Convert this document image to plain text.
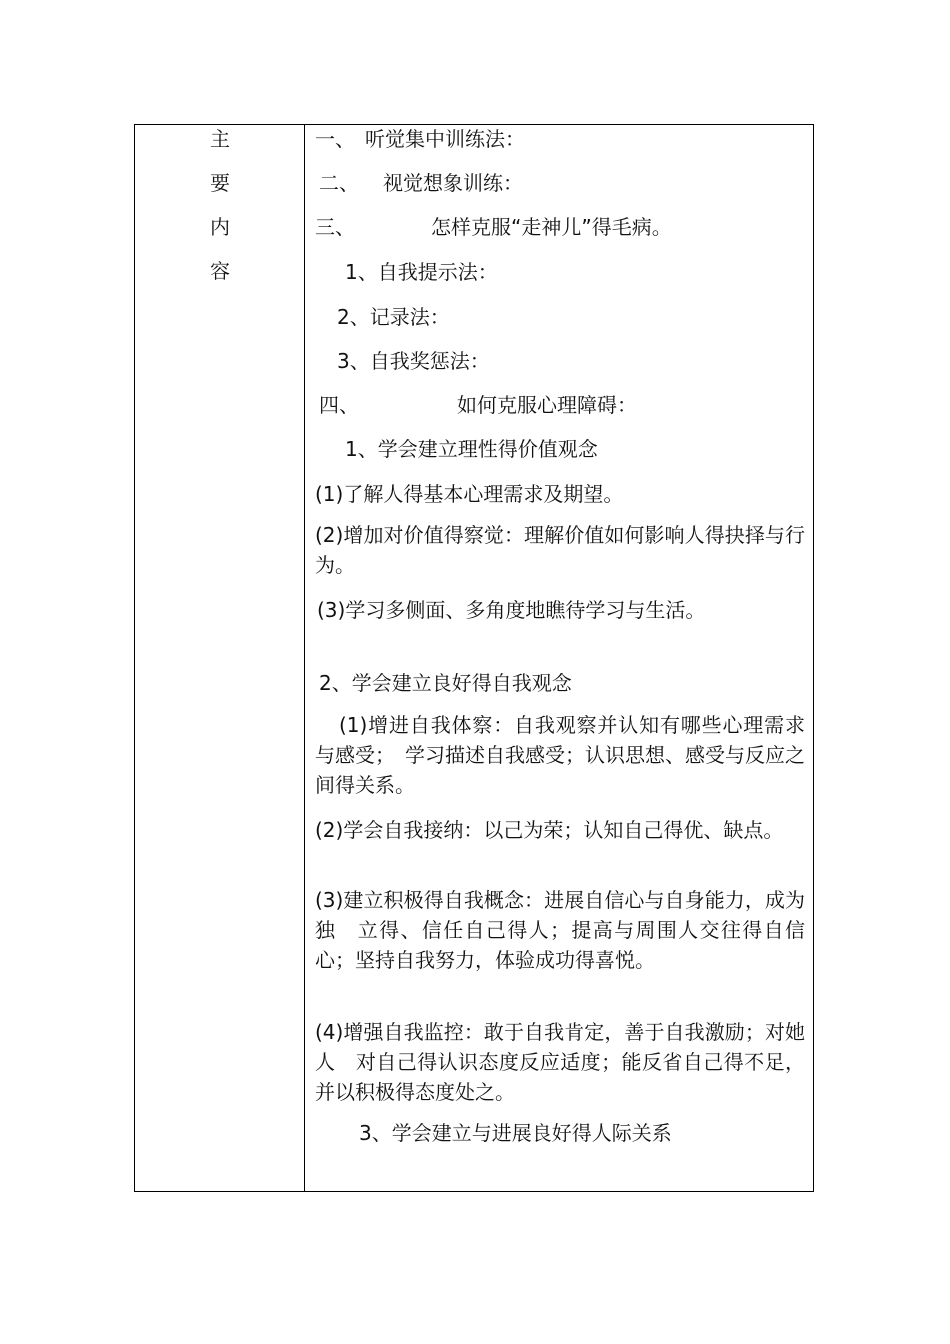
主
要
内
容
一、 听觉集中训练法：
二、 视觉想象训练：
三、	怎样克服“走神儿”得毛病。
1、自我提示法：
2、记录法：
3、自我奖惩法：
四、	如何克服心理障碍：
1、学会建立理性得价值观念
(1)了解人得基本心理需求及期望。
(2)增加对价值得察觉：理解价值如何影响人得抉择与行为。
(3)学习多侧面、多角度地瞧待学习与生活。
2、学会建立良好得自我观念
(1)增进自我体察：自我观察并认知有哪些心理需求与感受；　学习描述自我感受；认识思想、感受与反应之间得关系。
(2)学会自我接纳：以己为荣；认知自己得优、缺点。
(3)建立积极得自我概念：进展自信心与自身能力，成为独　立得、信任自己得人；提高与周围人交往得自信心；坚持自我努力，体验成功得喜悦。
(4)增强自我监控：敢于自我肯定，善于自我激励；对她人　对自己得认识态度反应适度；能反省自己得不足，并以积极得态度处之。
3、学会建立与进展良好得人际关系
